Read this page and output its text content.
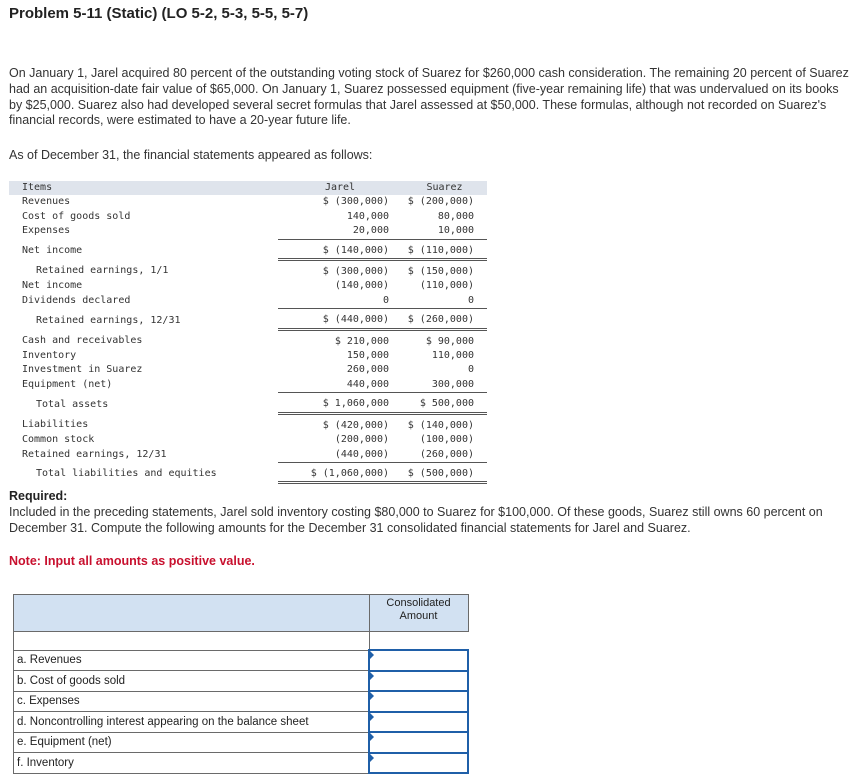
Problem 5-11 (Static) (LO 5-2, 5-3, 5-5, 5-7)

On January 1, Jarel acquired 80 percent of the outstanding voting stock of Suarez for $260,000 cash consideration. The remaining 20 percent of Suarez had an acquisition-date fair value of $65,000. On January 1, Suarez possessed equipment (five-year remaining life) that was undervalued on its books by $25,000. Suarez also had developed several secret formulas that Jarel assessed at $50,000. These formulas, although not recorded on Suarez's financial records, were estimated to have a 20-year future life.

As of December 31, the financial statements appeared as follows:

Items	Jarel	Suarez
Revenues	$ (300,000)	$ (200,000)
Cost of goods sold	140,000	80,000
Expenses	20,000	10,000
Net income	$ (140,000)	$ (110,000)
Retained earnings, 1/1	$ (300,000)	$ (150,000)
Net income	(140,000)	(110,000)
Dividends declared	0	0
Retained earnings, 12/31	$ (440,000)	$ (260,000)
Cash and receivables	$ 210,000	$ 90,000
Inventory	150,000	110,000
Investment in Suarez	260,000	0
Equipment (net)	440,000	300,000
Total assets	$ 1,060,000	$ 500,000
Liabilities	$ (420,000)	$ (140,000)
Common stock	(200,000)	(100,000)
Retained earnings, 12/31	(440,000)	(260,000)
Total liabilities and equities	$ (1,060,000)	$ (500,000)
Required:

Included in the preceding statements, Jarel sold inventory costing $80,000 to Suarez for $100,000. Of these goods, Suarez still owns 60 percent on December 31. Compute the following amounts for the December 31 consolidated financial statements for Jarel and Suarez.

Note: Input all amounts as positive value.

	Consolidated Amount

a. Revenues	

b. Cost of goods sold	

c. Expenses	

d. Noncontrolling interest appearing on the balance sheet	

e. Equipment (net)	

f. Inventory	
